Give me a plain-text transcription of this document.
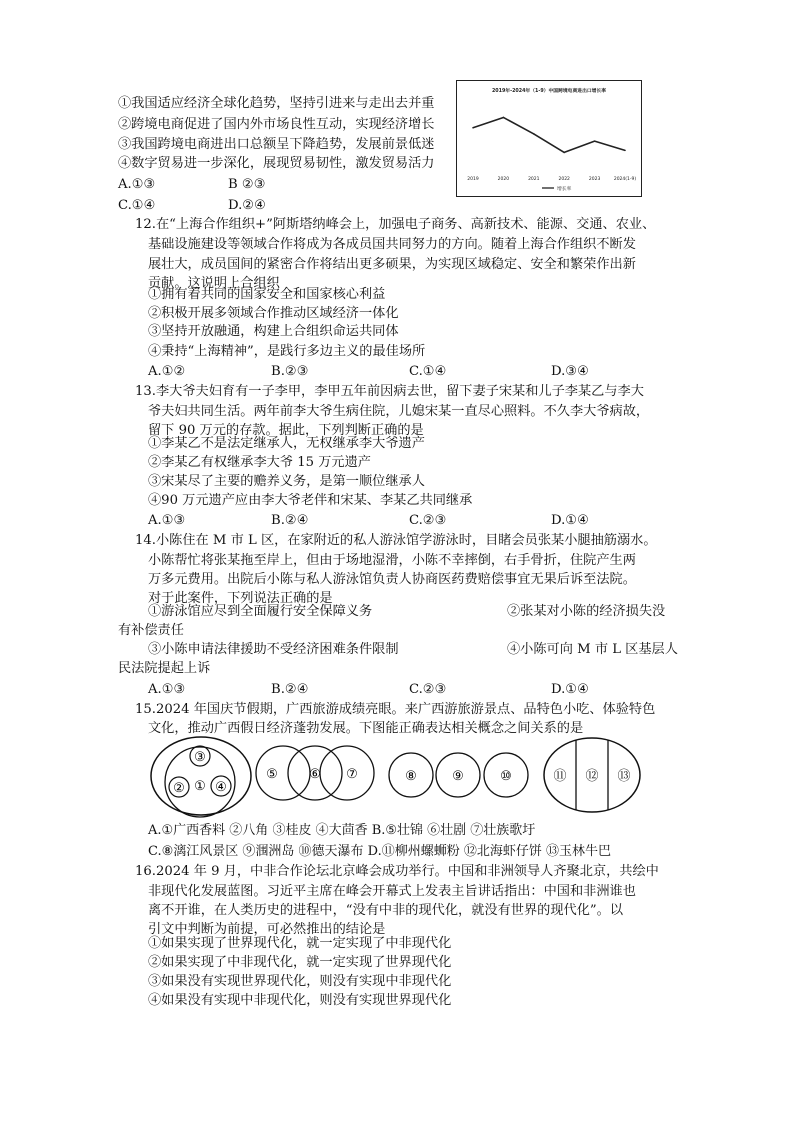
①我国适应经济全球化趋势，坚持引进来与走出去并重
②跨境电商促进了国内外市场良性互动，实现经济增长
③我国跨境电商进出口总额呈下降趋势，发展前景低迷
④数字贸易进一步深化，展现贸易韧性，激发贸易活力
A.①③	B ②③
C.①④	D.②④
2019年-2024年（1-9）中国跨境电商进出口增长率
2019	2020	2021	2022	2023	2024(1-9)
增长率
12.在“上海合作组织+”阿斯塔纳峰会上，加强电子商务、高新技术、能源、交通、农业、
基础设施建设等领域合作将成为各成员国共同努力的方向。随着上海合作组织不断发
展壮大，成员国间的紧密合作将结出更多硕果，为实现区域稳定、安全和繁荣作出新
贡献。这说明上合组织
①拥有着共同的国家安全和国家核心利益
②积极开展多领域合作推动区域经济一体化
③坚持开放融通，构建上合组织命运共同体
④秉持“上海精神”，是践行多边主义的最佳场所
A.①②	B.②③	C.①④	D.③④
13.李大爷夫妇育有一子李甲，李甲五年前因病去世，留下妻子宋某和儿子李某乙与李大
爷夫妇共同生活。两年前李大爷生病住院，儿媳宋某一直尽心照料。不久李大爷病故，
留下 90 万元的存款。据此，下列判断正确的是
①李某乙不是法定继承人，无权继承李大爷遗产
②李某乙有权继承李大爷 15 万元遗产
③宋某尽了主要的赡养义务，是第一顺位继承人
④90 万元遗产应由李大爷老伴和宋某、李某乙共同继承
A.①③	B.②④	C.②③	D.①④
14.小陈住在 M 市 L 区，在家附近的私人游泳馆学游泳时，目睹会员张某小腿抽筋溺水。
小陈帮忙将张某拖至岸上，但由于场地湿滑，小陈不幸摔倒，右手骨折，住院产生两
万多元费用。出院后小陈与私人游泳馆负责人协商医药费赔偿事宜无果后诉至法院。
对于此案件，下列说法正确的是
①游泳馆应尽到全面履行安全保障义务	②张某对小陈的经济损失没
有补偿责任
③小陈申请法律援助不受经济困难条件限制	④小陈可向 M 市 L 区基层人
民法院提起上诉
A.①③	B.②④	C.②③	D.①④
15.2024 年国庆节假期，广西旅游成绩亮眼。来广西游旅游景点、品特色小吃、体验特色
文化，推动广西假日经济蓬勃发展。下图能正确表达相关概念之间关系的是
③
② ① ④
⑤ ⑥ ⑦	⑧	⑨	⑩	⑪ ⑫ ⑬
A.①广西香料 ②八角 ③桂皮 ④大茴香 B.⑤壮锦 ⑥壮剧 ⑦壮族歌圩
C.⑧漓江风景区 ⑨涠洲岛 ⑩德天瀑布 D.⑪柳州螺蛳粉 ⑫北海虾仔饼 ⑬玉林牛巴
16.2024 年 9 月，中非合作论坛北京峰会成功举行。中国和非洲领导人齐聚北京，共绘中
非现代化发展蓝图。习近平主席在峰会开幕式上发表主旨讲话指出：中国和非洲谁也
离不开谁，在人类历史的进程中，“没有中非的现代化，就没有世界的现代化”。以
引文中判断为前提，可必然推出的结论是
①如果实现了世界现代化，就一定实现了中非现代化
②如果实现了中非现代化，就一定实现了世界现代化
③如果没有实现世界现代化，则没有实现中非现代化
④如果没有实现中非现代化，则没有实现世界现代化
